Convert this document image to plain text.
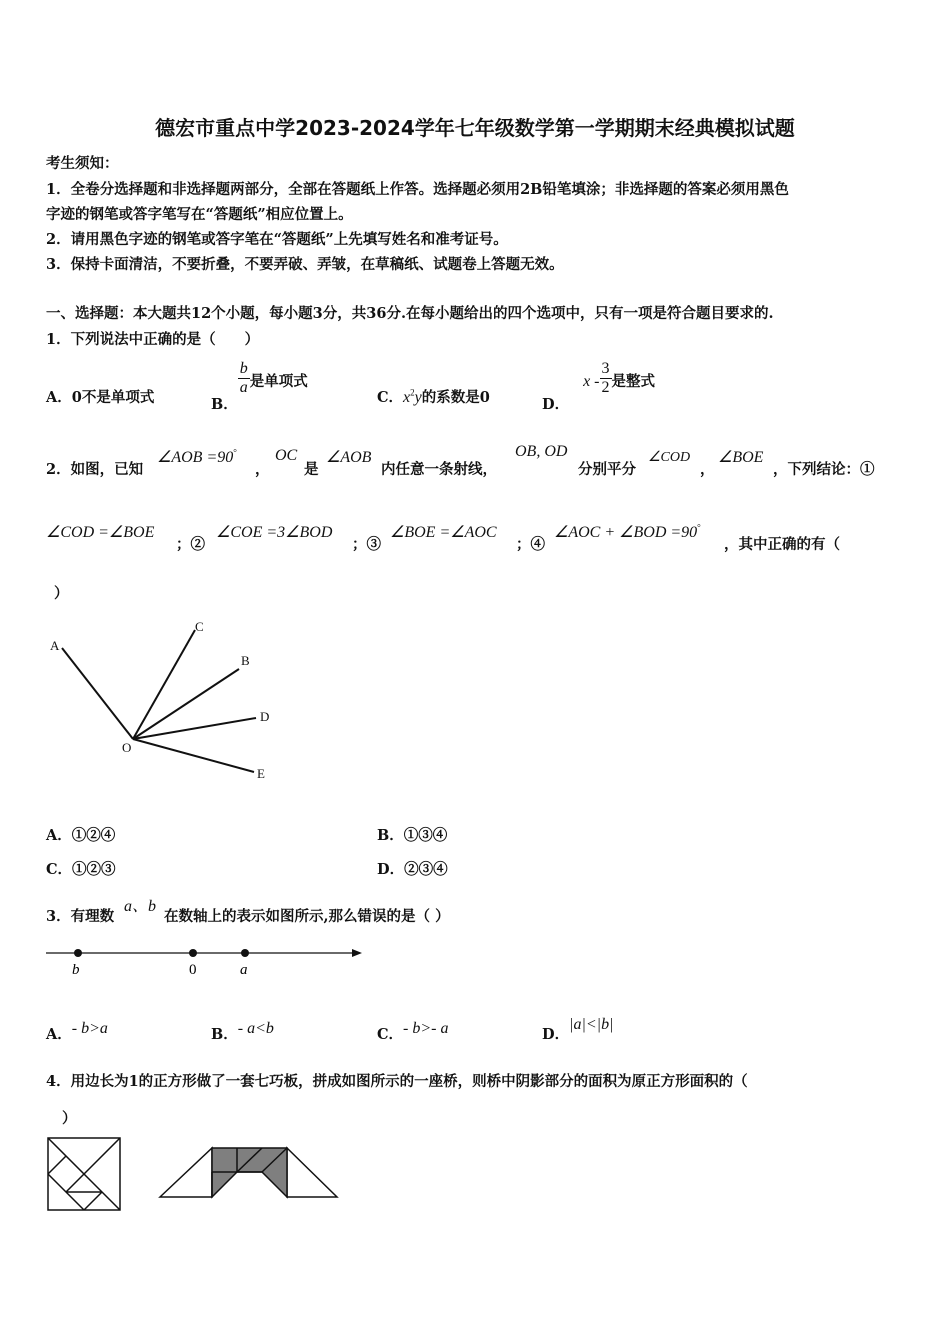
德宏市重点中学2023-2024学年七年级数学第一学期期末经典模拟试题
考生须知：
1．全卷分选择题和非选择题两部分，全部在答题纸上作答。选择题必须用2B铅笔填涂；非选择题的答案必须用黑色
字迹的钢笔或答字笔写在“答题纸”相应位置上。
2．请用黑色字迹的钢笔或答字笔在“答题纸”上先填写姓名和准考证号。
3．保持卡面清洁，不要折叠，不要弄破、弄皱，在草稿纸、试题卷上答题无效。
一、选择题：本大题共12个小题，每小题3分，共36分.在每小题给出的四个选项中，只有一项是符合题目要求的.
1．下列说法中正确的是（　　）
A．0不是单项式	B．
$\frac{b}{a}$ 是单项式
C．$x^2y$的系数是0	D．x - $\frac{3}{2}$ 是整式
2．如图，已知
∠AOB =90°
，
OC
是
∠AOB
内任意一条射线，
OB, OD
分别平分
∠COD
，
∠BOE
，下列结论：①
∠COD =∠BOE
；②
∠COE =3∠BOD
；③
∠BOE =∠AOC
；④
∠AOC + ∠BOD =90°
，其中正确的有（
）
A
C
B
D
E
O
A．①②④	B．①③④
C．①②③	D．②③④
3．有理数
a、b
在数轴上的表示如图所示,那么错误的是（ ）
b	0	a
A．- b>a	B．- a<b	C．- b>- a	D．|a|<|b|
4．用边长为1的正方形做了一套七巧板，拼成如图所示的一座桥，则桥中阴影部分的面积为原正方形面积的（
）
